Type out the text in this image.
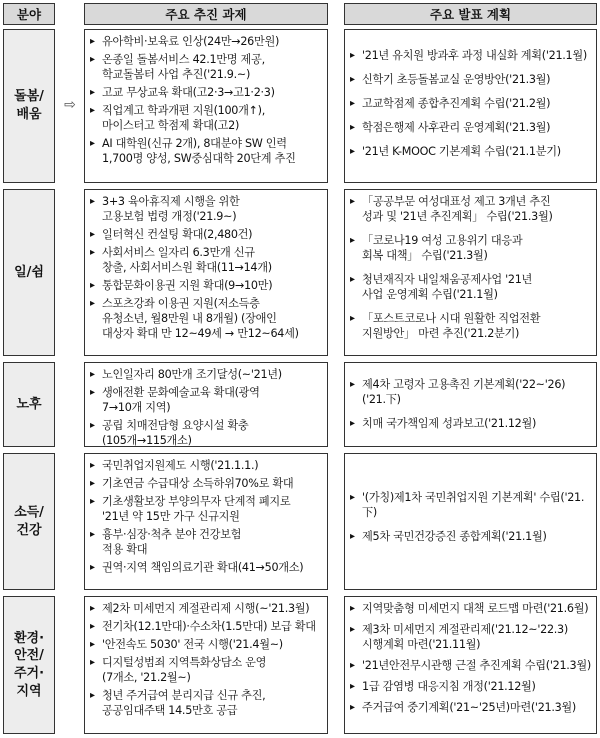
분야	주요 추진 과제	주요 발표 계획
돌봄/
배움
⇨
▸ 유아학비·보육료 인상(24만→26만원)
▸ 온종일 돌봄서비스 42.1만명 제공,
학교돌봄터 사업 추진('21.9.~)
▸ 고교 무상교육 확대(고2·3→고1·2·3)
▸ 직업계고 학과개편 지원(100개↑),
마이스터고 학점제 확대(고2)
▸ AI 대학원(신규 2개), 8대분야 SW 인력
1,700명 양성, SW중심대학 20단계 추진
▸ '21년 유치원 방과후 과정 내실화 계획('21.1월)
▸ 신학기 초등돌봄교실 운영방안('21.3월)
▸ 고교학점제 종합추진계획 수립('21.2월)
▸ 학점은행제 사후관리 운영계획('21.3월)
▸ '21년 K-MOOC 기본계획 수립('21.1분기)
일/쉼
▸ 3+3 육아휴직제 시행을 위한
고용보험 법령 개정('21.9~)
▸ 일터혁신 컨설팅 확대(2,480건)
▸ 사회서비스 일자리 6.3만개 신규
창출, 사회서비스원 확대(11→14개)
▸ 통합문화이용권 지원 확대(9→10만)
▸ 스포츠강좌 이용권 지원(저소득층
유청소년, 월8만원 내 8개월) (장애인
대상자 확대 만 12~49세 → 만12~64세)
▸ 「공공부문 여성대표성 제고 3개년 추진
성과 및 '21년 추진계획」 수립('21.3월)
▸ 「코로나19 여성 고용위기 대응과
회복 대책」 수립('21.3월)
▸ 청년재직자 내일채움공제사업 '21년
사업 운영계획 수립('21.1월)
▸ 「포스트코로나 시대 원활한 직업전환
지원방안」 마련 추진('21.2분기)
노후
▸ 노인일자리 80만개 조기달성(~'21년)
▸ 생애전환 문화예술교육 확대(광역
7→10개 지역)
▸ 공립 치매전담형 요양시설 확충
(105개→115개소)
▸ 제4차 고령자 고용촉진 기본계획('22~'26)
('21.下)
▸ 치매 국가책임제 성과보고('21.12월)
소득/
건강
▸ 국민취업지원제도 시행('21.1.1.)
▸ 기초연금 수급대상 소득하위70%로 확대
▸ 기초생활보장 부양의무자 단계적 폐지로
'21년 약 15만 가구 신규지원
▸ 흉부·심장·척추 분야 건강보험
적용 확대
▸ 권역·지역 책임의료기관 확대(41→50개소)
▸ '(가칭)제1차 국민취업지원 기본계획' 수립('21.下)
▸ 제5차 국민건강증진 종합계획('21.1월)
환경·
안전/
주거·
지역
▸ 제2차 미세먼지 계절관리제 시행(~'21.3월)
▸ 전기차(12.1만대)·수소차(1.5만대) 보급 확대
▸ '안전속도 5030' 전국 시행('21.4월~)
▸ 디지털성범죄 지역특화상담소 운영
(7개소, '21.2월~)
▸ 청년 주거급여 분리지급 신규 추진,
공공임대주택 14.5만호 공급
▸ 지역맞춤형 미세먼지 대책 로드맵 마련('21.6월)
▸ 제3차 미세먼지 계절관리제('21.12~'22.3)
시행계획 마련('21.11월)
▸ '21년안전무시관행 근절 추진계획 수립('21.3월)
▸ 1급 감염병 대응지침 개정('21.12월)
▸ 주거급여 중기계획('21~'25년)마련('21.3월)
